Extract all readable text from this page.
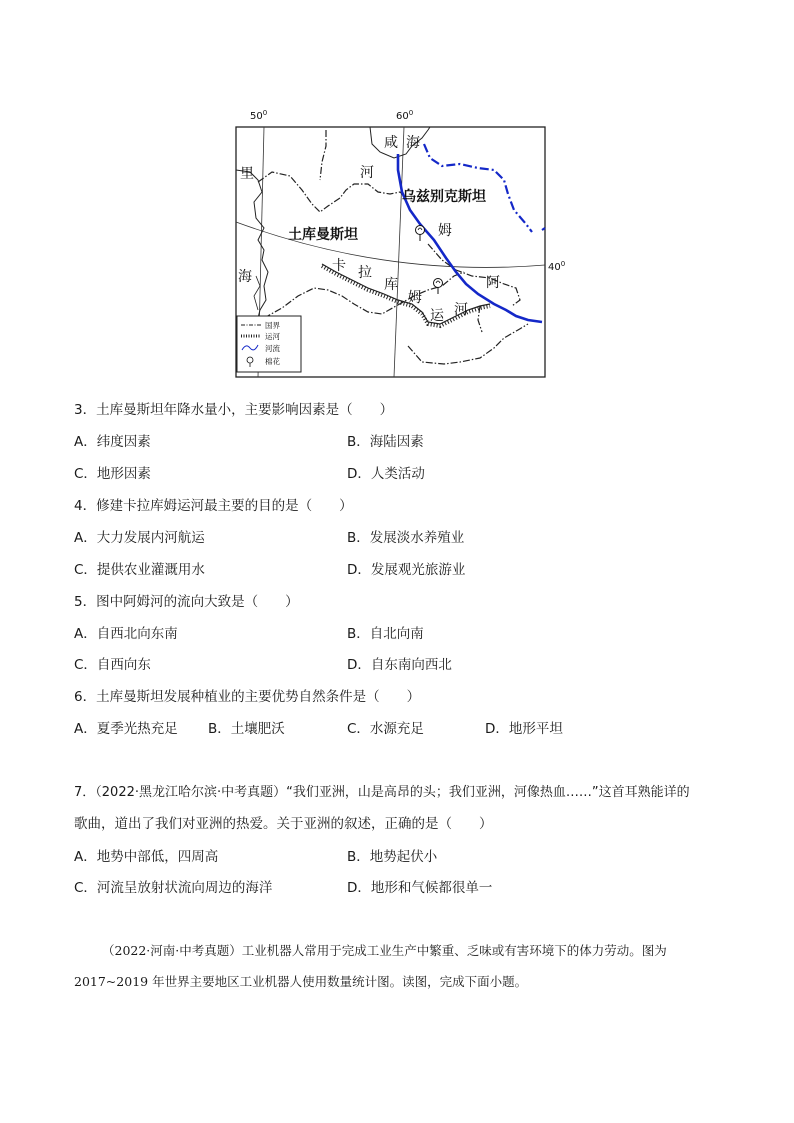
$50^0$	$60^0$
$40^0$
里
海
咸 海
河
乌兹别克斯坦
土库曼斯坦	姆
卡 拉
库
姆
运 河
阿
国界
运河
河流
棉花
3．土库曼斯坦年降水量小，主要影响因素是（　　）
A．纬度因素	B．海陆因素
C．地形因素	D．人类活动
4．修建卡拉库姆运河最主要的目的是（　　）
A．大力发展内河航运	B．发展淡水养殖业
C．提供农业灌溉用水	D．发展观光旅游业
5．图中阿姆河的流向大致是（　　）
A．自西北向东南	B．自北向南
C．自西向东	D．自东南向西北
6．土库曼斯坦发展种植业的主要优势自然条件是（　　）
A．夏季光热充足 B．土壤肥沃	C．水源充足	D．地形平坦
7．（2022·黑龙江哈尔滨·中考真题）“我们亚洲，山是高昂的头；我们亚洲，河像热血……”这首耳熟能详的
歌曲，道出了我们对亚洲的热爱。关于亚洲的叙述，正确的是（　　）
A．地势中部低，四周高	B．地势起伏小
C．河流呈放射状流向周边的海洋	D．地形和气候都很单一
（2022·河南·中考真题）工业机器人常用于完成工业生产中繁重、乏味或有害环境下的体力劳动。图为
2017~2019 年世界主要地区工业机器人使用数量统计图。读图，完成下面小题。
